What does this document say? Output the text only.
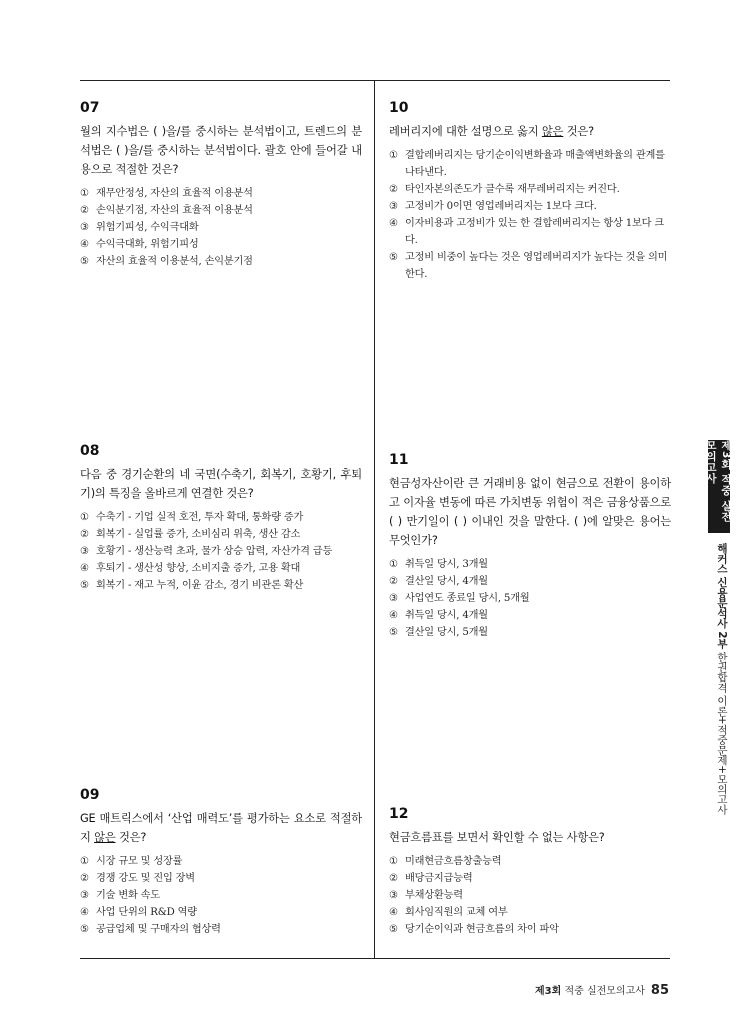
07

월의 지수법은 ( )을/를 중시하는 분석법이고, 트렌드의 분석법은 ( )을/를 중시하는 분석법이다. 괄호 안에 들어갈 내용으로 적절한 것은?

① 재무안정성, 자산의 효율적 이용분석
② 손익분기점, 자산의 효율적 이용분석
③ 위험기피성, 수익극대화
④ 수익극대화, 위험기피성
⑤ 자산의 효율적 이용분석, 손익분기점
08

다음 중 경기순환의 네 국면(수축기, 회복기, 호황기, 후퇴기)의 특징을 올바르게 연결한 것은?

① 수축기 - 기업 실적 호전, 투자 확대, 통화량 증가
② 회복기 - 실업률 증가, 소비심리 위축, 생산 감소
③ 호황기 - 생산능력 초과, 물가 상승 압력, 자산가격 급등
④ 후퇴기 - 생산성 향상, 소비지출 증가, 고용 확대
⑤ 회복기 - 재고 누적, 이윤 감소, 경기 비관론 확산
09

GE 매트릭스에서 ‘산업 매력도’를 평가하는 요소로 적절하지 않은 것은?

① 시장 규모 및 성장률
② 경쟁 강도 및 진입 장벽
③ 기술 변화 속도
④ 사업 단위의 R&D 역량
⑤ 공급업체 및 구매자의 협상력
10

레버리지에 대한 설명으로 옳지 않은 것은?

① 결합레버리지는 당기순이익변화율과 매출액변화율의 관계를 나타낸다.
② 타인자본의존도가 클수록 재무레버리지는 커진다.
③ 고정비가 0이면 영업레버리지는 1보다 크다.
④ 이자비용과 고정비가 있는 한 결합레버리지는 항상 1보다 크다.
⑤ 고정비 비중이 높다는 것은 영업레버리지가 높다는 것을 의미한다.
11

현금성자산이란 큰 거래비용 없이 현금으로 전환이 용이하고 이자율 변동에 따른 가치변동 위험이 적은 금융상품으로 ( ) 만기일이 ( ) 이내인 것을 말한다. ( )에 알맞은 용어는 무엇인가?

① 취득일 당시, 3개월
② 결산일 당시, 4개월
③ 사업연도 종료일 당시, 5개월
④ 취득일 당시, 4개월
⑤ 결산일 당시, 5개월
12

현금흐름표를 보면서 확인할 수 없는 사항은?

① 미래현금흐름창출능력
② 배당금지급능력
③ 부채상환능력
④ 회사임직원의 교체 여부
⑤ 당기순이익과 현금흐름의 차이 파악
제3회 적중 실전모의고사
해커스 신용분석사 2부 한권합격 이론+적중문제+모의고사
제3회 적중 실전모의고사 85
